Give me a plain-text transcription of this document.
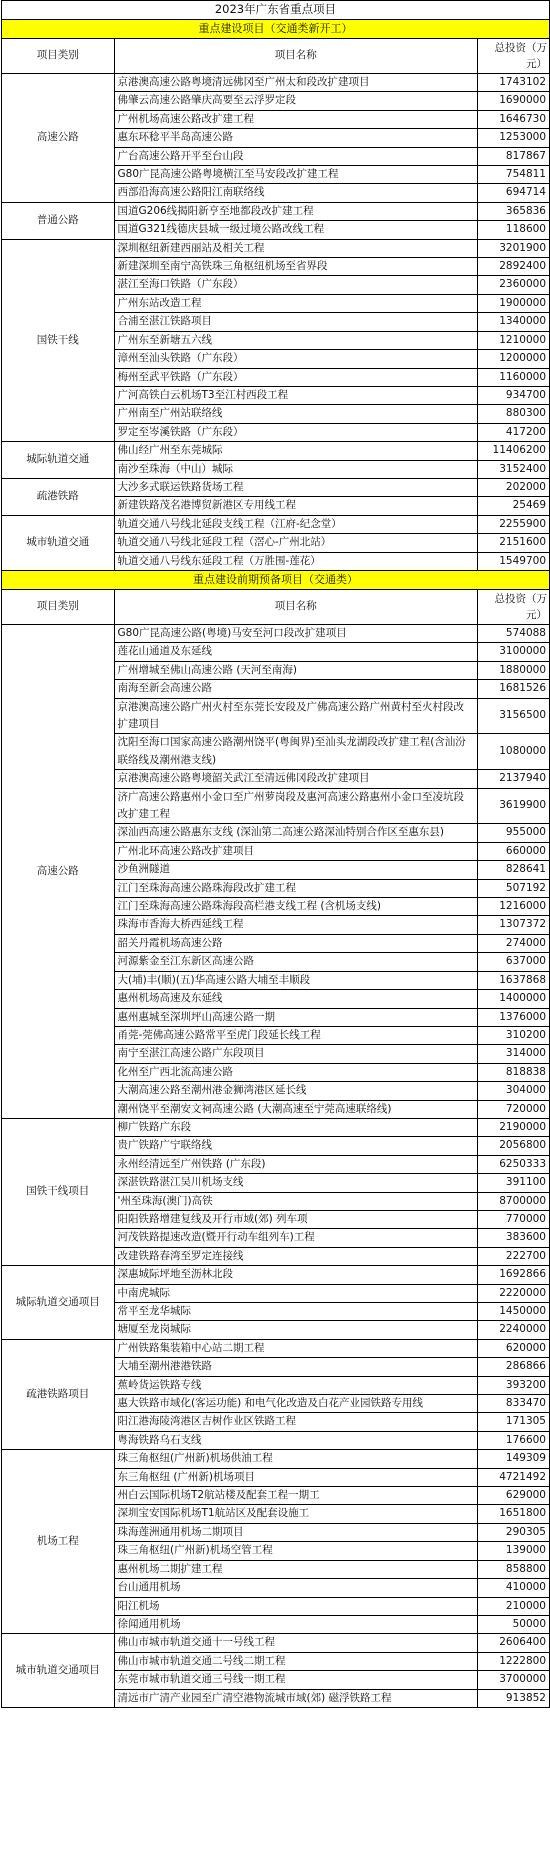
2023年广东省重点项目		
重点建设项目（交通类新开工）		
项目类别	项目名称	总投资（万元）
高速公路	京港澳高速公路粤境清远佛冈至广州太和段改扩建项目	1743102
	佛肇云高速公路肇庆高要至云浮罗定段	1690000
	广州机场高速公路改扩建工程	1646730
	惠东环稔平半岛高速公路	1253000
	广台高速公路开平至台山段	817867
	G80广昆高速公路粤境横江至马安段改扩建工程	754811
	西部沿海高速公路阳江南联络线	694714
普通公路	国道G206线揭阳新亨至地都段改扩建工程	365836
	国道G321线德庆县城一级过境公路改线工程	118600
国铁干线	深圳枢纽新建西丽站及相关工程	3201900
	新建深圳至南宁高铁珠三角枢纽机场至省界段	2892400
	湛江至海口铁路（广东段）	2360000
	广州东站改造工程	1900000
	合浦至湛江铁路项目	1340000
	广州东至新塘五六线	1210000
	漳州至汕头铁路（广东段）	1200000
	梅州至武平铁路（广东段）	1160000
	广河高铁白云机场T3至江村西段工程	934700
	广州南至广州站联络线	880300
	罗定至岑溪铁路（广东段）	417200
城际轨道交通	佛山经广州至东莞城际	11406200
	南沙至珠海（中山）城际	3152400
疏港铁路	大沙多式联运铁路货场工程	202000
	新建铁路茂名港博贸新港区专用线工程	25469
城市轨道交通	轨道交通八号线北延段支线工程（江府-纪念堂）	2255900
	轨道交通八号线北延段工程（滘心-广州北站）	2151600
	轨道交通八号线东延段工程（万胜围-莲花）	1549700
重点建设前期预备项目（交通类）		
项目类别	项目名称	总投资（万元）
高速公路	G80广昆高速公路(粤境)马安至河口段改扩建项目	574088
	莲花山通道及东延线	3100000
	广州增城至佛山高速公路 (天河至南海)	1880000
	南海至新会高速公路	1681526
	京港澳高速公路广州火村至东莞长安段及广佛高速公路广州黄村至火村段改扩建项目	3156500
	沈阳至海口国家高速公路潮州饶平(粤闽界)至汕头龙湖段改扩建工程(含汕汾联络线及潮州港支线)	1080000
	京港澳高速公路粤境韶关武江至清远佛冈段改扩建项目	2137940
	济广高速公路惠州小金口至广州萝岗段及惠河高速公路惠州小金口至凌坑段改扩建工程	3619900
	深汕西高速公路惠东支线 (深汕第二高速公路深汕特别合作区至惠东县)	955000
	广州北环高速公路改扩建项目	660000
	沙鱼洲隧道	828641
	江门至珠海高速公路珠海段改扩建工程	507192
	江门至珠海高速公路珠海段高栏港支线工程 (含机场支线)	1216000
	珠海市香海大桥西延线工程	1307372
	韶关丹霞机场高速公路	274000
	河源紫金至江东新区高速公路	637000
	大(埔)丰(顺)(五)华高速公路大埔至丰顺段	1637868
	惠州机场高速及东延线	1400000
	惠州惠城至深圳坪山高速公路一期	1376000
	甬莞-莞佛高速公路常平至虎门段延长线工程	310200
	南宁至湛江高速公路广东段项目	314000
	化州至广西北流高速公路	818838
	大潮高速公路至潮州港金狮湾港区延长线	304000
	潮州饶平至潮安文祠高速公路 (大潮高速至宁莞高速联络线)	720000
国铁干线项目	柳广铁路广东段	2190000
	贵广铁路广宁联络线	2056800
	永州经清远至广州铁路 (广东段)	6250333
	深湛铁路湛江吴川机场支线	391100
	'州至珠海(澳门)高铁	8700000
	阳阳铁路增建复线及开行市域(郊) 列车项	770000
	河茂铁路提速改造(暨开行动车组列车)工程	383600
	改建铁路春湾至罗定连接线	222700
城际轨道交通项目	深惠城际坪地至沥林北段	1692866
	中南虎城际	2220000
	常平至龙华城际	1450000
	塘厦至龙岗城际	2240000
疏港铁路项目	广州铁路集装箱中心站二期工程	620000
	大埔至潮州港港铁路	286866
	蕉岭货运铁路专线	393200
	惠大铁路市域化(客运功能) 和电气化改造及白花产业园铁路专用线	833470
	阳江港海陵湾港区吉树作业区铁路工程	171305
	粤海铁路乌石支线	176600
机场工程	珠三角枢纽(广州新)机场供油工程	149309
	东三角枢纽 (广州新)机场项目	4721492
	州白云国际机场T2航站楼及配套工程一期工	629000
	深圳宝安国际机场T1航站区及配套设施工	1651800
	珠海莲洲通用机场二期项目	290305
	珠三角枢纽(广州新)机场空管工程	139000
	惠州机场二期扩建工程	858800
	台山通用机场	410000
	阳江机场	210000
	徐闻通用机场	50000
城市轨道交通项目	佛山市城市轨道交通十一号线工程	2606400
	佛山市城市轨道交通二号线二期工程	1222800
	东莞市城市轨道交通三号线一期工程	3700000
	清远市广清产业园至广清空港物流城市域(郊) 磁浮铁路工程	913852
